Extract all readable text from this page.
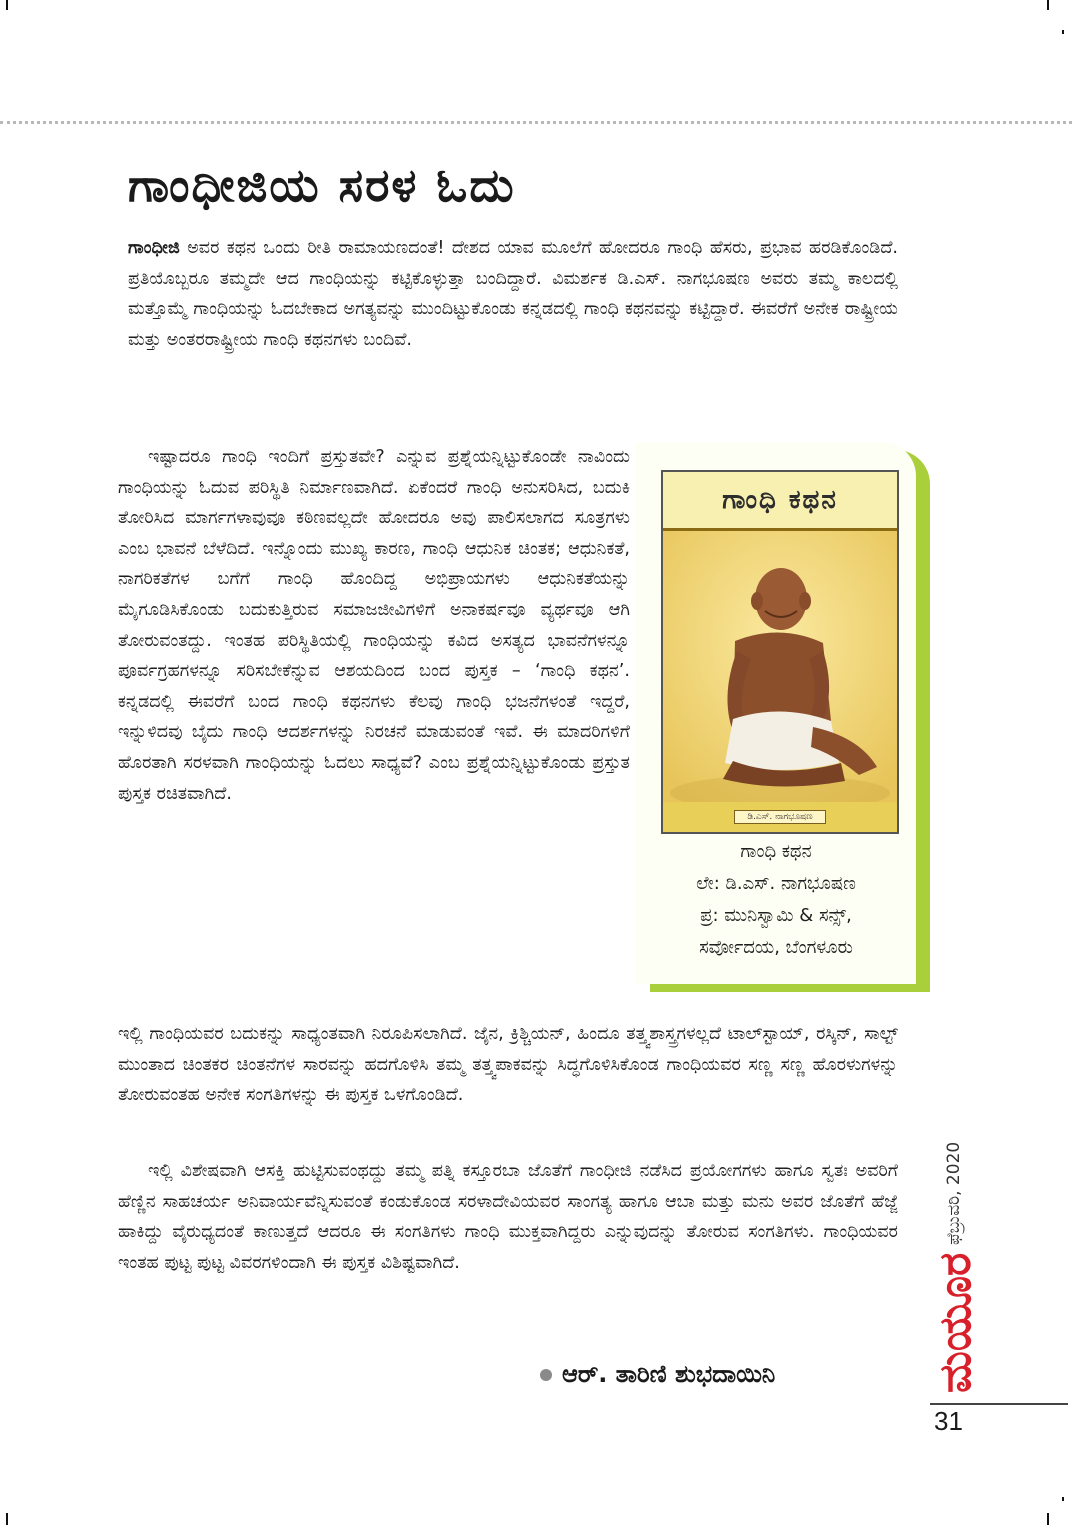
ಗಾಂಧೀಜಿಯ ಸರಳ ಓದು

ಗಾಂಧೀಜಿ ಅವರ ಕಥನ ಒಂದು ರೀತಿ ರಾಮಾಯಣದಂತೆ! ದೇಶದ ಯಾವ ಮೂಲೆಗೆ ಹೋದರೂ ಗಾಂಧಿ ಹೆಸರು, ಪ್ರಭಾವ ಹರಡಿಕೊಂಡಿದೆ. ಪ್ರತಿಯೊಬ್ಬರೂ ತಮ್ಮದೇ ಆದ ಗಾಂಧಿಯನ್ನು ಕಟ್ಟಿಕೊಳ್ಳುತ್ತಾ ಬಂದಿದ್ದಾರೆ. ವಿಮರ್ಶಕ ಡಿ.ಎಸ್. ನಾಗಭೂಷಣ ಅವರು ತಮ್ಮ ಕಾಲದಲ್ಲಿ ಮತ್ತೊಮ್ಮೆ ಗಾಂಧಿಯನ್ನು ಓದಬೇಕಾದ ಅಗತ್ಯವನ್ನು ಮುಂದಿಟ್ಟುಕೊಂಡು ಕನ್ನಡದಲ್ಲಿ ಗಾಂಧಿ ಕಥನವನ್ನು ಕಟ್ಟಿದ್ದಾರೆ. ಈವರೆಗೆ ಅನೇಕ ರಾಷ್ಟ್ರೀಯ ಮತ್ತು ಅಂತರರಾಷ್ಟ್ರೀಯ ಗಾಂಧಿ ಕಥನಗಳು ಬಂದಿವೆ.

ಇಷ್ಟಾದರೂ ಗಾಂಧಿ ಇಂದಿಗೆ ಪ್ರಸ್ತುತವೇ? ಎನ್ನುವ ಪ್ರಶ್ನೆಯನ್ನಿಟ್ಟುಕೊಂಡೇ ನಾವಿಂದು ಗಾಂಧಿಯನ್ನು ಓದುವ ಪರಿಸ್ಥಿತಿ ನಿರ್ಮಾಣವಾಗಿದೆ. ಏಕೆಂದರೆ ಗಾಂಧಿ ಅನುಸರಿಸಿದ, ಬದುಕಿ ತೋರಿಸಿದ ಮಾರ್ಗಗಳಾವುವೂ ಕಠಿಣವಲ್ಲದೇ ಹೋದರೂ ಅವು ಪಾಲಿಸಲಾಗದ ಸೂತ್ರಗಳು ಎಂಬ ಭಾವನೆ ಬೆಳೆದಿದೆ. ಇನ್ನೊಂದು ಮುಖ್ಯ ಕಾರಣ, ಗಾಂಧಿ ಆಧುನಿಕ ಚಿಂತಕ; ಆಧುನಿಕತೆ, ನಾಗರಿಕತೆಗಳ ಬಗೆಗೆ ಗಾಂಧಿ ಹೊಂದಿದ್ದ ಅಭಿಪ್ರಾಯಗಳು ಆಧುನಿಕತೆಯನ್ನು ಮೈಗೂಡಿಸಿಕೊಂಡು ಬದುಕುತ್ತಿರುವ ಸಮಾಜಜೀವಿಗಳಿಗೆ ಅನಾಕರ್ಷವೂ ವ್ಯರ್ಥವೂ ಆಗಿ ತೋರುವಂತದ್ದು. ಇಂತಹ ಪರಿಸ್ಥಿತಿಯಲ್ಲಿ ಗಾಂಧಿಯನ್ನು ಕವಿದ ಅಸತ್ಯದ ಭಾವನೆಗಳನ್ನೂ ಪೂರ್ವಗ್ರಹಗಳನ್ನೂ ಸರಿಸಬೇಕೆನ್ನುವ ಆಶಯದಿಂದ ಬಂದ ಪುಸ್ತಕ – ‘ಗಾಂಧಿ ಕಥನ’. ಕನ್ನಡದಲ್ಲಿ ಈವರೆಗೆ ಬಂದ ಗಾಂಧಿ ಕಥನಗಳು ಕೆಲವು ಗಾಂಧಿ ಭಜನೆಗಳಂತೆ ಇದ್ದರೆ, ಇನ್ನುಳಿದವು ಬೈದು ಗಾಂಧಿ ಆದರ್ಶಗಳನ್ನು ನಿರಚನೆ ಮಾಡುವಂತೆ ಇವೆ. ಈ ಮಾದರಿಗಳಿಗೆ ಹೊರತಾಗಿ ಸರಳವಾಗಿ ಗಾಂಧಿಯನ್ನು ಓದಲು ಸಾಧ್ಯವೆ? ಎಂಬ ಪ್ರಶ್ನೆಯನ್ನಿಟ್ಟುಕೊಂಡು ಪ್ರಸ್ತುತ ಪುಸ್ತಕ ರಚಿತವಾಗಿದೆ.

ಗಾಂಧಿ ಕಥನ
ಡಿ.ಎಸ್. ನಾಗಭೂಷಣ
ಗಾಂಧಿ ಕಥನ
ಲೇ: ಡಿ.ಎಸ್. ನಾಗಭೂಷಣ
ಪ್ರ: ಮುನಿಸ್ವಾಮಿ & ಸನ್ಸ್,
ಸರ್ವೋದಯ, ಬೆಂಗಳೂರು

ಇಲ್ಲಿ ಗಾಂಧಿಯವರ ಬದುಕನ್ನು ಸಾಧ್ಯಂತವಾಗಿ ನಿರೂಪಿಸಲಾಗಿದೆ. ಜೈನ, ಕ್ರಿಶ್ಚಿಯನ್, ಹಿಂದೂ ತತ್ತ್ವಶಾಸ್ತ್ರಗಳಲ್ಲದೆ ಟಾಲ್‌ಸ್ಟಾಯ್, ರಸ್ಕಿನ್, ಸಾಲ್ಟ್ ಮುಂತಾದ ಚಿಂತಕರ ಚಿಂತನೆಗಳ ಸಾರವನ್ನು ಹದಗೊಳಿಸಿ ತಮ್ಮ ತತ್ತ್ವಪಾಕವನ್ನು ಸಿದ್ಧಗೊಳಿಸಿಕೊಂಡ ಗಾಂಧಿಯವರ ಸಣ್ಣ ಸಣ್ಣ ಹೊರಳುಗಳನ್ನು ತೋರುವಂತಹ ಅನೇಕ ಸಂಗತಿಗಳನ್ನು ಈ ಪುಸ್ತಕ ಒಳಗೊಂಡಿದೆ.

ಇಲ್ಲಿ ವಿಶೇಷವಾಗಿ ಆಸಕ್ತಿ ಹುಟ್ಟಿಸುವಂಥದ್ದು ತಮ್ಮ ಪತ್ನಿ ಕಸ್ತೂರಬಾ ಜೊತೆಗೆ ಗಾಂಧೀಜಿ ನಡೆಸಿದ ಪ್ರಯೋಗಗಳು ಹಾಗೂ ಸ್ವತಃ ಅವರಿಗೆ ಹೆಣ್ಣಿನ ಸಾಹಚರ್ಯ ಅನಿವಾರ್ಯವೆನ್ನಿಸುವಂತೆ ಕಂಡುಕೊಂಡ ಸರಳಾದೇವಿಯವರ ಸಾಂಗತ್ಯ ಹಾಗೂ ಆಬಾ ಮತ್ತು ಮನು ಅವರ ಜೊತೆಗೆ ಹೆಜ್ಜೆ ಹಾಕಿದ್ದು ವೈರುಧ್ಯದಂತೆ ಕಾಣುತ್ತದೆ ಆದರೂ ಈ ಸಂಗತಿಗಳು ಗಾಂಧಿ ಮುಕ್ತವಾಗಿದ್ದರು ಎನ್ನುವುದನ್ನು ತೋರುವ ಸಂಗತಿಗಳು. ಗಾಂಧಿಯವರ ಇಂತಹ ಪುಟ್ಟ ಪುಟ್ಟ ವಿವರಗಳಿಂದಾಗಿ ಈ ಪುಸ್ತಕ ವಿಶಿಷ್ಟವಾಗಿದೆ.

ಆರ್. ತಾರಿಣಿ ಶುಭದಾಯಿನಿ
ಫೆಬ್ರುವರಿ, 2020
ಮಯೂರ
31
